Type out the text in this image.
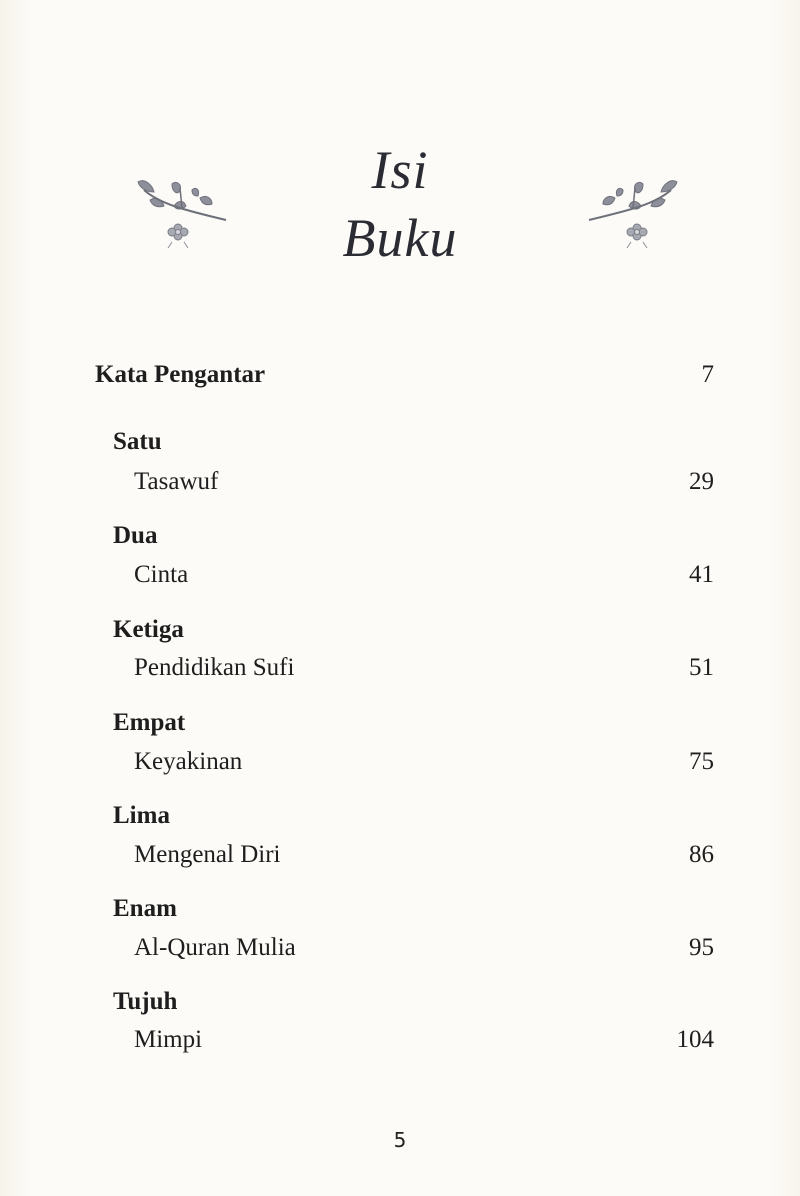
Isi
Buku
Kata Pengantar	7
Satu
Tasawuf	29
Dua
Cinta	41
Ketiga
Pendidikan Sufi	51
Empat
Keyakinan	75
Lima
Mengenal Diri	86
Enam
Al-Quran Mulia	95
Tujuh
Mimpi	104
5
